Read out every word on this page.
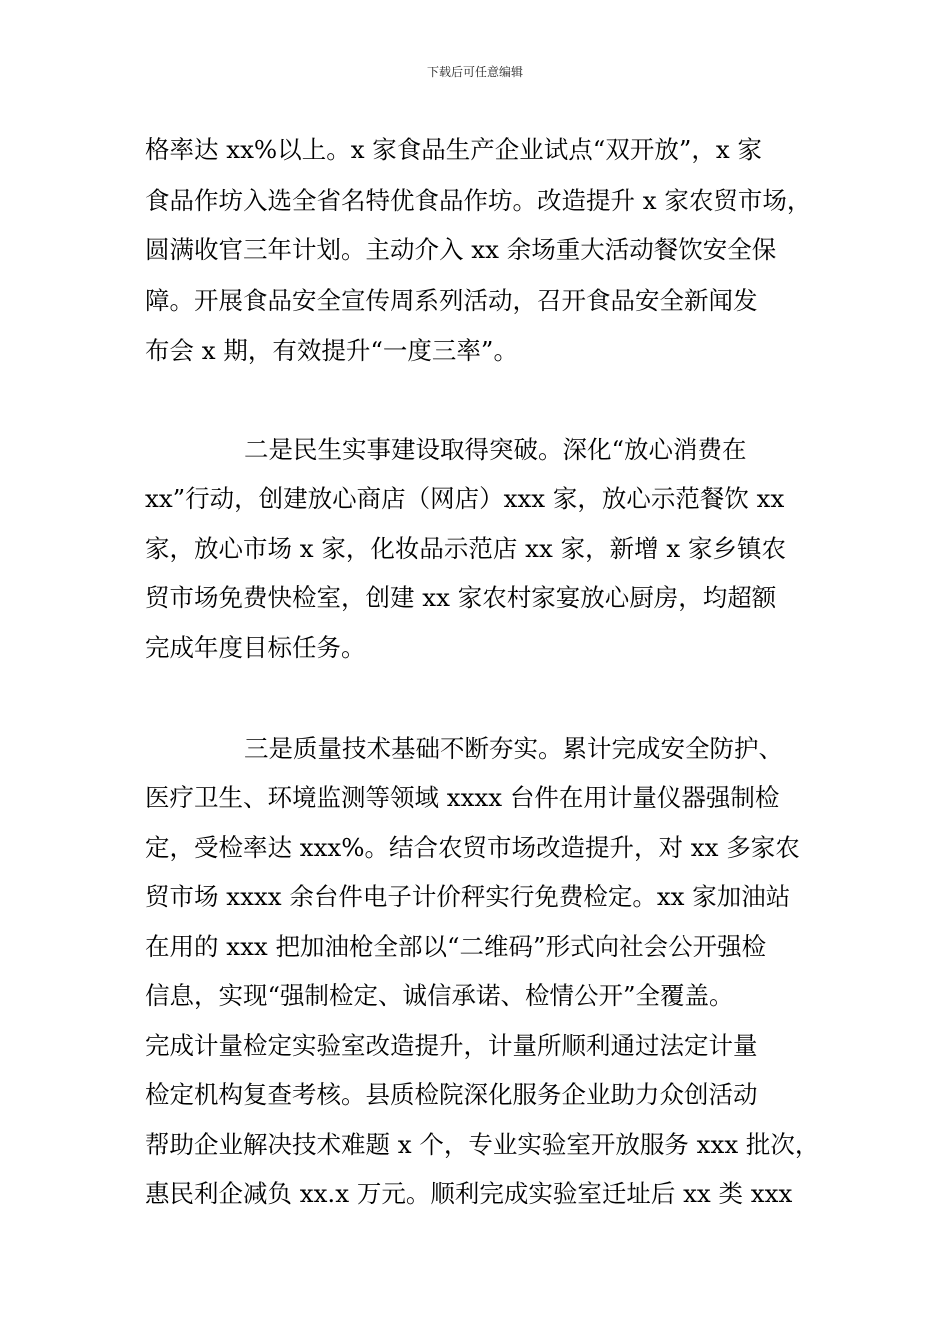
下载后可任意编辑
格率达 xx%以上。x 家食品生产企业试点“双开放”，x 家
食品作坊入选全省名特优食品作坊。改造提升 x 家农贸市场，
圆满收官三年计划。主动介入 xx 余场重大活动餐饮安全保
障。开展食品安全宣传周系列活动，召开食品安全新闻发
布会 x 期，有效提升“一度三率”。
二是民生实事建设取得突破。深化“放心消费在
xx”行动，创建放心商店（网店）xxx 家，放心示范餐饮 xx
家，放心市场 x 家，化妆品示范店 xx 家，新增 x 家乡镇农
贸市场免费快检室，创建 xx 家农村家宴放心厨房，均超额
完成年度目标任务。
三是质量技术基础不断夯实。累计完成安全防护、
医疗卫生、环境监测等领域 xxxx 台件在用计量仪器强制检
定，受检率达 xxx%。结合农贸市场改造提升，对 xx 多家农
贸市场 xxxx 余台件电子计价秤实行免费检定。xx 家加油站
在用的 xxx 把加油枪全部以“二维码”形式向社会公开强检
信息，实现“强制检定、诚信承诺、检情公开”全覆盖。
完成计量检定实验室改造提升，计量所顺利通过法定计量
检定机构复查考核。县质检院深化服务企业助力众创活动
帮助企业解决技术难题 x 个，专业实验室开放服务 xxx 批次，
惠民利企减负 xx.x 万元。顺利完成实验室迁址后 xx 类 xxx
